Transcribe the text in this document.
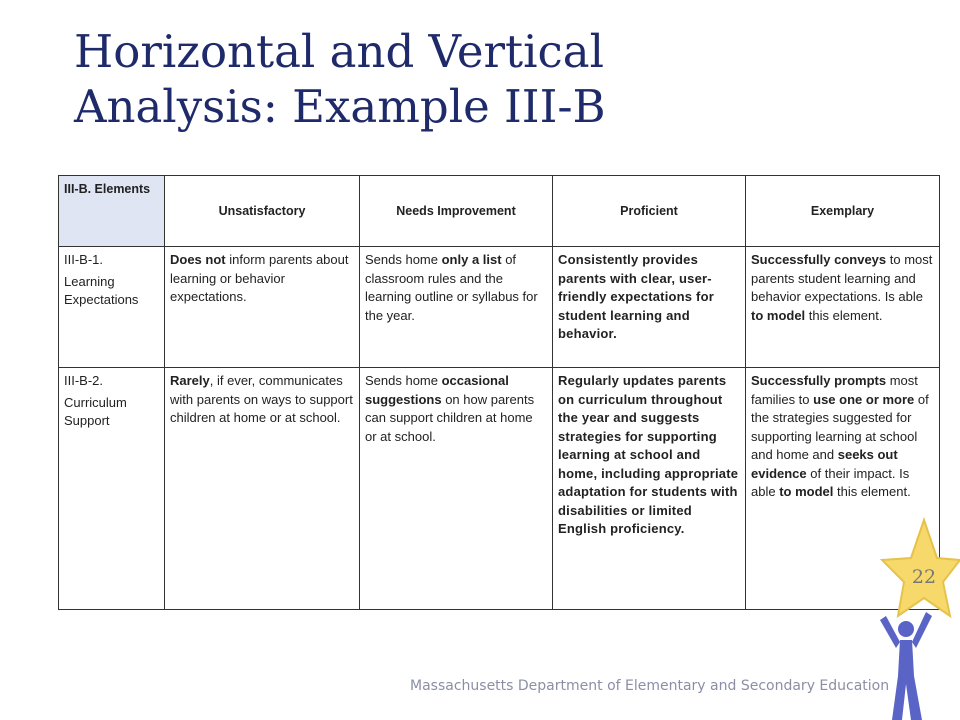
Horizontal and Vertical
Analysis: Example III-B
III-B. Elements	Unsatisfactory	Needs Improvement	Proficient	Exemplary

III-B-1.
Learning Expectations	Does not inform parents about learning or behavior expectations.	Sends home only a list of classroom rules and the learning outline or syllabus for the year.	Consistently provides parents with clear, user-friendly expectations for student learning and behavior.	Successfully conveys to most parents student learning and behavior expectations. Is able to model this element.

III-B-2.
Curriculum Support	Rarely, if ever, communicates with parents on ways to support children at home or at school.	Sends home occasional suggestions on how parents can support children at home or at school.	Regularly updates parents on curriculum throughout the year and suggests strategies for supporting learning at school and home, including appropriate adaptation for students with disabilities or limited English proficiency.	Successfully prompts most families to use one or more of the strategies suggested for supporting learning at school and home and seeks out evidence of their impact. Is able to model this element.
Massachusetts Department of Elementary and Secondary Education
22
